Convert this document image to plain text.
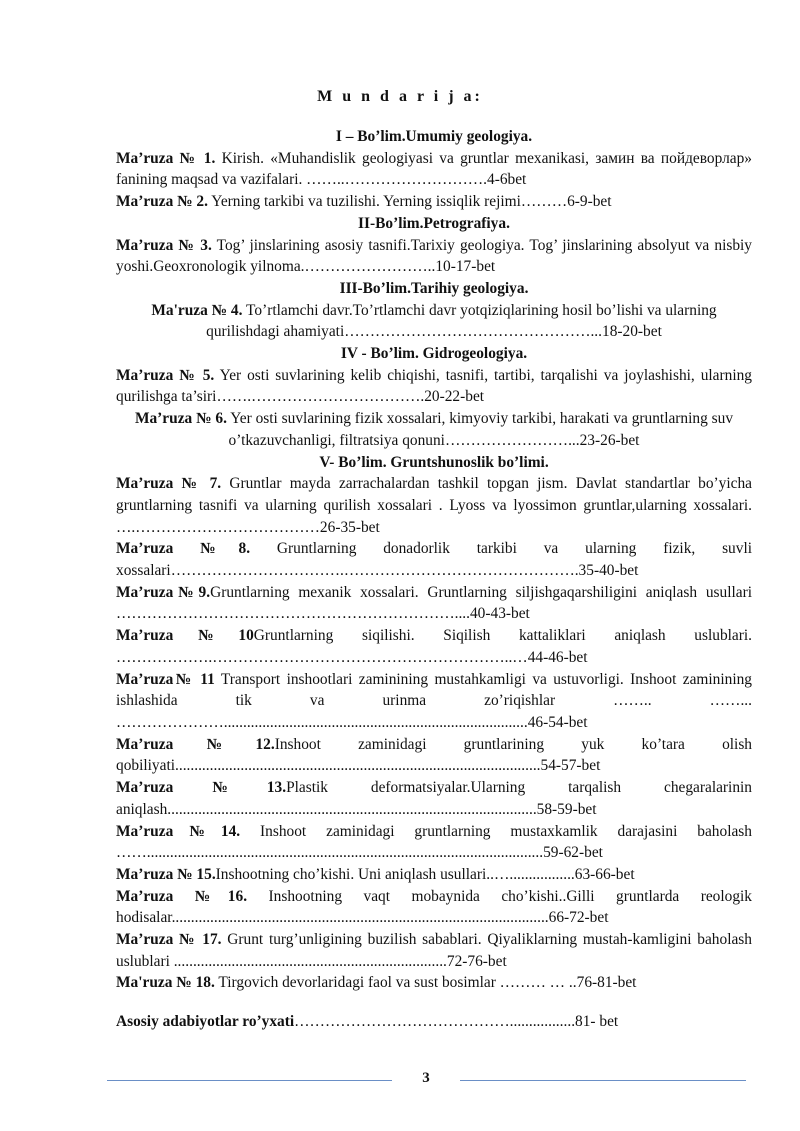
M u n d a r i j a:

I – Bo’lim.Umumiy geologiya.

Ma’ruza № 1. Kirish. «Muhandislik geologiyasi va gruntlar mexanikasi, замин ва пойдеворлар» fanining maqsad va vazifalari. ……..……………………….4-6bet

Ma’ruza № 2. Yerning tarkibi va tuzilishi. Yerning issiqlik rejimi………6-9-bet

II-Bo’lim.Petrografiya.

Ma’ruza № 3. Tog’ jinslarining asosiy tasnifi.Tarixiy geologiya. Tog’ jinslarining absolyut va nisbiy yoshi.Geoxronologik yilnoma.……………………..10-17-bet

III-Bo’lim.Tarihiy geologiya.

Ma'ruza № 4. To’rtlamchi davr.To’rtlamchi davr yotqiziqlarining hosil bo’lishi va ularning qurilishdagi ahamiyati…………………………………………...18-20-bet

IV - Bo’lim. Gidrogeologiya.

Ma’ruza № 5. Yer osti suvlarining kelib chiqishi, tasnifi, tartibi, tarqalishi va joylashishi, ularning qurilishga ta’siri…….…………………………….20-22-bet

Ma’ruza № 6. Yer osti suvlarining fizik xossalari, kimyoviy tarkibi, harakati va gruntlarning suv o’tkazuvchanligi, filtratsiya qonuni……………………...23-26-bet

V- Bo’lim. Gruntshunoslik bo’limi.

Ma’ruza № 7. Gruntlar mayda zarrachalardan tashkil topgan jism. Davlat standartlar bo’yicha gruntlarning tasnifi va ularning qurilish xossalari . Lyoss va lyossimon gruntlar,ularning xossalari. ….………………………………26-35-bet

Ma’ruza №8. Gruntlarning donadorlik tarkibi va ularning fizik, suvli xossalari…………………………….……………………………………….35-40-bet

Ma’ruza№9.Gruntlarning mexanik xossalari. Gruntlarning siljishgaqarshiligini aniqlash usullari …………………………………………………………....40-43-bet

Ma’ruza№10Gruntlarning siqilishi. Siqilish kattaliklari aniqlash uslublari. ……………….…………………………………………………..…44-46-bet

Ma’ruza№ 11 Transport inshootlari zaminining mustahkamligi va ustuvorligi. Inshoot zaminining ishlashida tik va urinma zo’riqishlar …….. ……... …………………...............................................................................46-54-bet

Ma’ruza№12.Inshoot zaminidagi gruntlarining yuk ko’tara olish qobiliyati...............................................................................................54-57-bet

Ma’ruza№13.Plastik deformatsiyalar.Ularning tarqalish chegaralarinin aniqlash................................................................................................58-59-bet

Ma’ruza№14. Inshoot zaminidagi gruntlarning mustaxkamlik darajasini baholash …….......................................................................................................59-62-bet

Ma’ruza № 15.Inshootning cho’kishi. Uni aniqlash usullari..….................63-66-bet

Ma’ruza №16. Inshootning vaqt mobaynida cho’kishi..Gilli gruntlarda reologik hodisalar..................................................................................................66-72-bet

Ma’ruza № 17. Grunt turg’unligining buzilish sabablari. Qiyaliklarning mustah-kamligini baholash uslublari .......................................................................72-76-bet

Ma'ruza № 18. Tirgovich devorlaridagi faol va sust bosimlar ……… … ..76-81-bet

Asosiy adabiyotlar ro’yxati…………………………………….................81- bet
3
